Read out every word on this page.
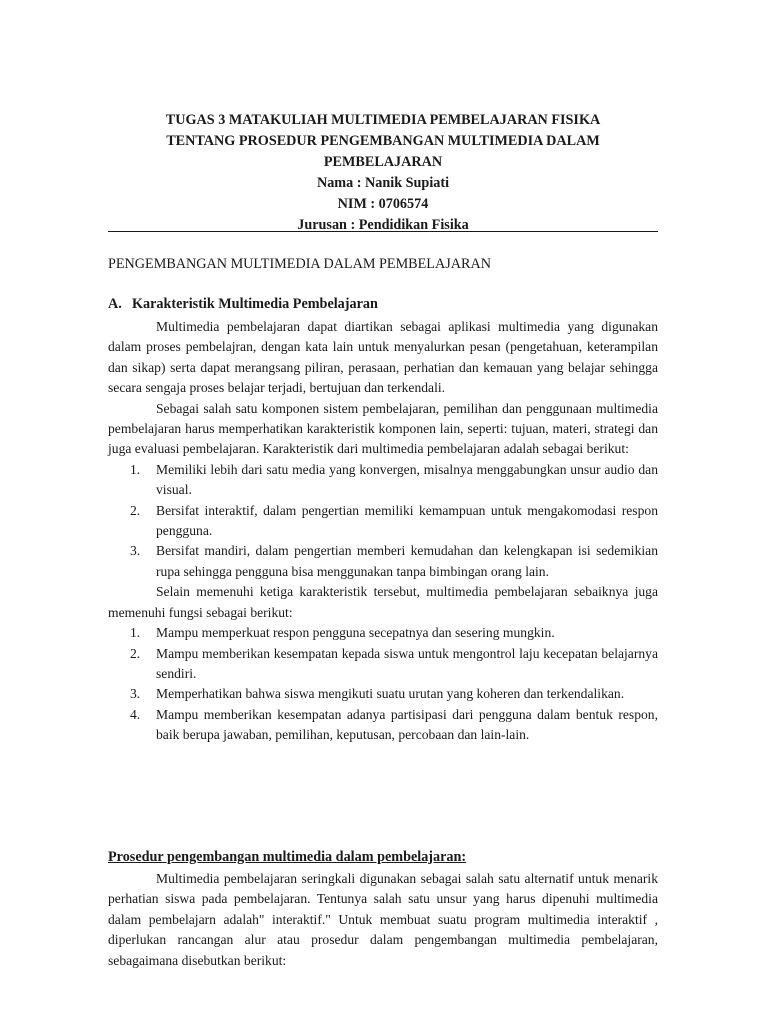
TUGAS 3 MATAKULIAH MULTIMEDIA PEMBELAJARAN FISIKA
TENTANG PROSEDUR PENGEMBANGAN MULTIMEDIA DALAM
PEMBELAJARAN
Nama : Nanik Supiati
NIM : 0706574
Jurusan : Pendidikan Fisika
PENGEMBANGAN MULTIMEDIA DALAM PEMBELAJARAN
A. Karakteristik Multimedia Pembelajaran

Multimedia pembelajaran dapat diartikan sebagai aplikasi multimedia yang digunakan dalam proses pembelajran, dengan kata lain untuk menyalurkan pesan (pengetahuan, keterampilan dan sikap) serta dapat merangsang piliran, perasaan, perhatian dan kemauan yang belajar sehingga secara sengaja proses belajar terjadi, bertujuan dan terkendali.

Sebagai salah satu komponen sistem pembelajaran, pemilihan dan penggunaan multimedia pembelajaran harus memperhatikan karakteristik komponen lain, seperti: tujuan, materi, strategi dan juga evaluasi pembelajaran. Karakteristik dari multimedia pembelajaran adalah sebagai berikut:

1. Memiliki lebih dari satu media yang konvergen, misalnya menggabungkan unsur audio dan visual.
2. Bersifat interaktif, dalam pengertian memiliki kemampuan untuk mengakomodasi respon pengguna.
3. Bersifat mandiri, dalam pengertian memberi kemudahan dan kelengkapan isi sedemikian rupa sehingga pengguna bisa menggunakan tanpa bimbingan orang lain.

Selain memenuhi ketiga karakteristik tersebut, multimedia pembelajaran sebaiknya juga memenuhi fungsi sebagai berikut:

1. Mampu memperkuat respon pengguna secepatnya dan sesering mungkin.
2. Mampu memberikan kesempatan kepada siswa untuk mengontrol laju kecepatan belajarnya sendiri.
3. Memperhatikan bahwa siswa mengikuti suatu urutan yang koheren dan terkendalikan.
4. Mampu memberikan kesempatan adanya partisipasi dari pengguna dalam bentuk respon, baik berupa jawaban, pemilihan, keputusan, percobaan dan lain-lain.
Prosedur pengembangan multimedia dalam pembelajaran:

Multimedia pembelajaran seringkali digunakan sebagai salah satu alternatif untuk menarik perhatian siswa pada pembelajaran. Tentunya salah satu unsur yang harus dipenuhi multimedia dalam pembelajarn adalah" interaktif." Untuk membuat suatu program multimedia interaktif , diperlukan rancangan alur atau prosedur dalam pengembangan multimedia pembelajaran, sebagaimana disebutkan berikut:
